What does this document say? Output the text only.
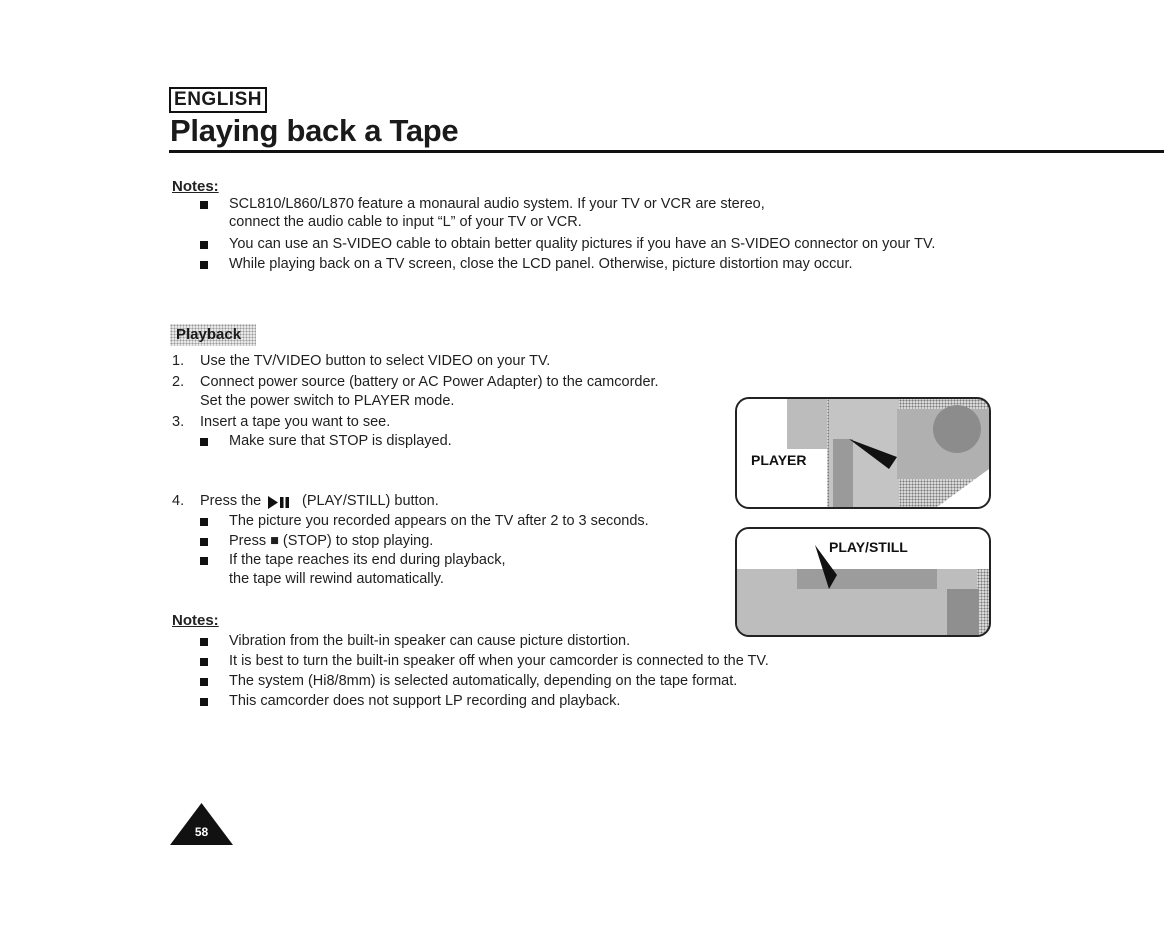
ENGLISH
Playing back a Tape
Notes:
SCL810/L860/L870 feature a monaural audio system. If your TV or VCR are stereo,
connect the audio cable to input “L” of your TV or VCR.
You can use an S-VIDEO cable to obtain better quality pictures if you have an S-VIDEO connector on your TV.
While playing back on a TV screen, close the LCD panel. Otherwise, picture distortion may occur.
Playback
1. Use the TV/VIDEO button to select VIDEO on your TV.
2. Connect power source (battery or AC Power Adapter) to the camcorder.
Set the power switch to PLAYER mode.
3. Insert a tape you want to see.
Make sure that STOP is displayed.
4. Press the	(PLAY/STILL) button.
The picture you recorded appears on the TV after 2 to 3 seconds.
Press ■ (STOP) to stop playing.
If the tape reaches its end during playback,
the tape will rewind automatically.
Notes:
Vibration from the built-in speaker can cause picture distortion.
It is best to turn the built-in speaker off when your camcorder is connected to the TV.
The system (Hi8/8mm) is selected automatically, depending on the tape format.
This camcorder does not support LP recording and playback.
PLAYER
PLAY/STILL
58
